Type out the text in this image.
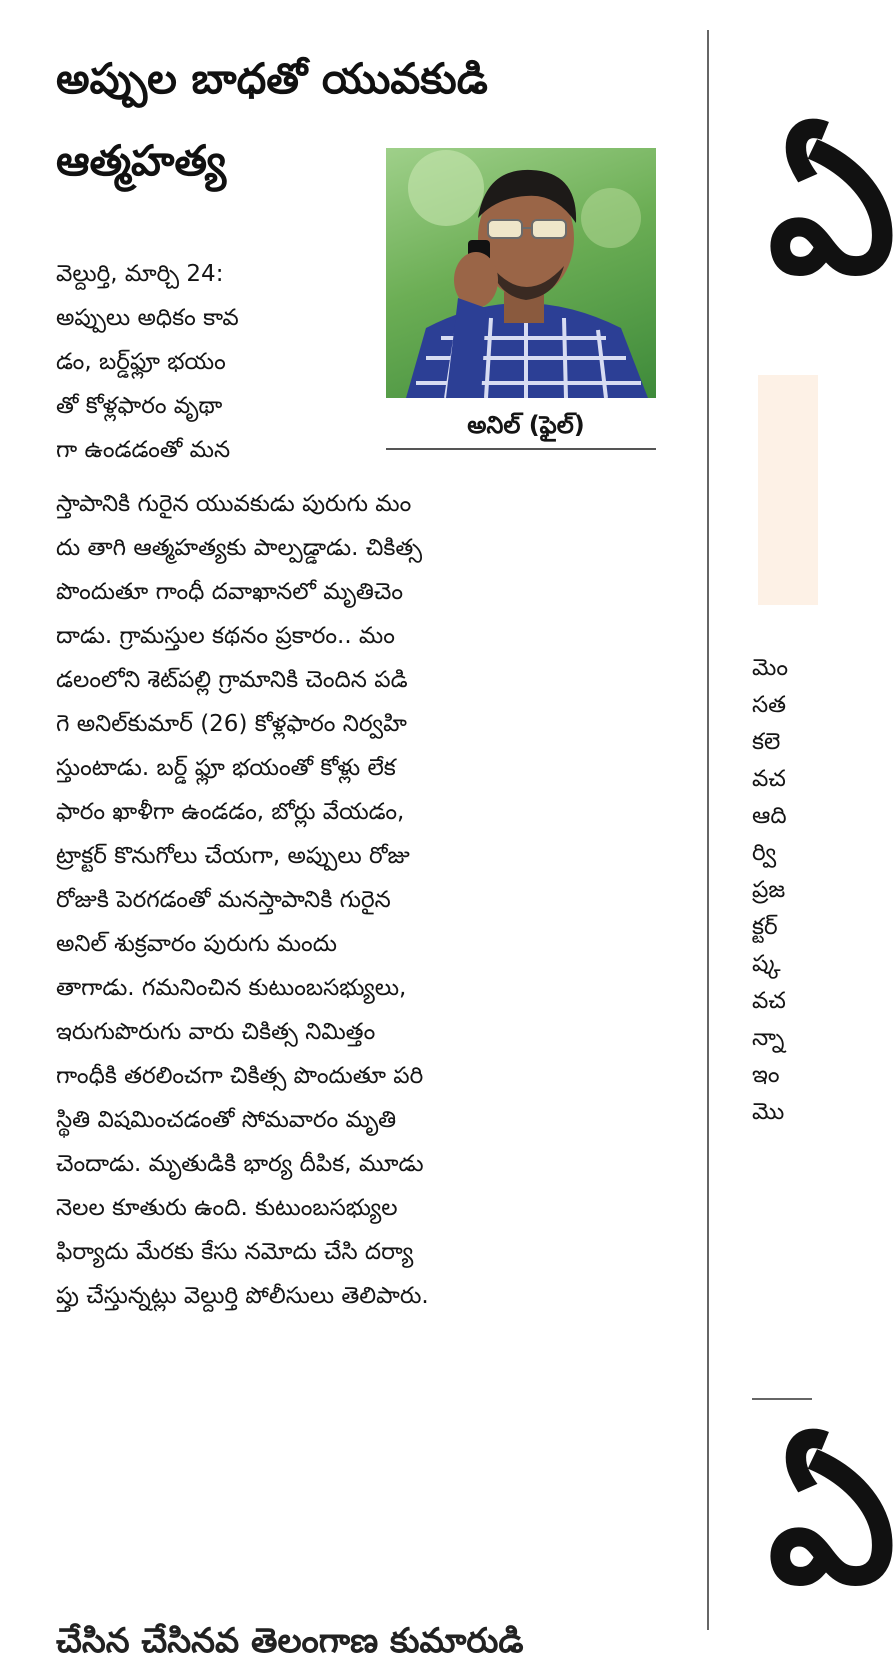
అప్పుల బాధతో యువకుడి
ఆత్మహత్య
అనిల్ (ఫైల్)
వెల్దుర్తి, మార్చి 24:
అప్పులు అధికం కావ
డం, బర్డ్‌ఫ్లూ భయం
తో కోళ్లఫారం వృథా
గా ఉండడంతో మన
స్తాపానికి గురైన యువకుడు పురుగు మం
దు తాగి ఆత్మహత్యకు పాల్పడ్డాడు. చికిత్స
పొందుతూ గాంధీ దవాఖానలో మృతిచెం
దాడు. గ్రామస్తుల కథనం ప్రకారం.. మం
డలంలోని శెట్‌పల్లి గ్రామానికి చెందిన పడి
గె అనిల్‌కుమార్ (26) కోళ్లఫారం నిర్వహి
స్తుంటాడు. బర్డ్ ఫ్లూ భయంతో కోళ్లు లేక
ఫారం ఖాళీగా ఉండడం, బోర్లు వేయడం,
ట్రాక్టర్ కొనుగోలు చేయగా, అప్పులు రోజు
రోజుకి పెరగడంతో మనస్తాపానికి గురైన
అనిల్ శుక్రవారం పురుగు మందు
తాగాడు. గమనించిన కుటుంబసభ్యులు,
ఇరుగుపొరుగు వారు చికిత్స నిమిత్తం
గాంధీకి తరలించగా చికిత్స పొందుతూ పరి
స్థితి విషమించడంతో సోమవారం మృతి
చెందాడు. మృతుడికి భార్య దీపిక, మూడు
నెలల కూతురు ఉంది. కుటుంబసభ్యుల
ఫిర్యాదు మేరకు కేసు నమోదు చేసి దర్యా
ప్తు చేస్తున్నట్లు వెల్దుర్తి పోలీసులు తెలిపారు.
చేసిన చేసినవ తెలంగాణ కుమారుడి
ఏ
మెం
సత
కలె
వచ
ఆది
ర్వి
ప్రజ
క్టర్
ష్క
వచ
న్నా
ఇం
మొ
ఏ
